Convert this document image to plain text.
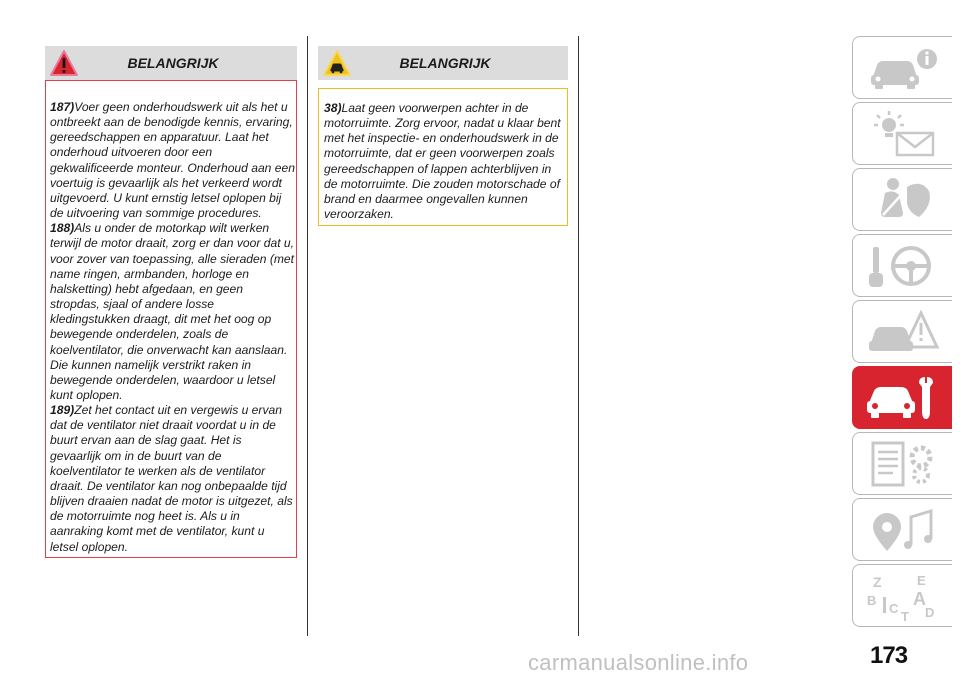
BELANGRIJK
187)Voer geen onderhoudswerk uit als het u ontbreekt aan de benodigde kennis, ervaring, gereedschappen en apparatuur. Laat het onderhoud uitvoeren door een gekwalificeerde monteur. Onderhoud aan een voertuig is gevaarlijk als het verkeerd wordt uitgevoerd. U kunt ernstig letsel oplopen bij de uitvoering van sommige procedures.
188)Als u onder de motorkap wilt werken terwijl de motor draait, zorg er dan voor dat u, voor zover van toepassing, alle sieraden (met name ringen, armbanden, horloge en halsketting) hebt afgedaan, en geen stropdas, sjaal of andere losse kledingstukken draagt, dit met het oog op bewegende onderdelen, zoals de koelventilator, die onverwacht kan aanslaan. Die kunnen namelijk verstrikt raken in bewegende onderdelen, waardoor u letsel kunt oplopen.
189)Zet het contact uit en vergewis u ervan dat de ventilator niet draait voordat u in de buurt ervan aan de slag gaat. Het is gevaarlijk om in de buurt van de koelventilator te werken als de ventilator draait. De ventilator kan nog onbepaalde tijd blijven draaien nadat de motor is uitgezet, als de motorruimte nog heet is. Als u in aanraking komt met de ventilator, kunt u letsel oplopen.
BELANGRIJK
38)Laat geen voorwerpen achter in de motorruimte. Zorg ervoor, nadat u klaar bent met het inspectie- en onderhoudswerk in de motorruimte, dat er geen voorwerpen zoals gereedschappen of lappen achterblijven in de motorruimte. Die zouden motorschade of brand en daarmee ongevallen kunnen veroorzaken.
Z	E
B A
C D
T
173
carmanualsonline.info
